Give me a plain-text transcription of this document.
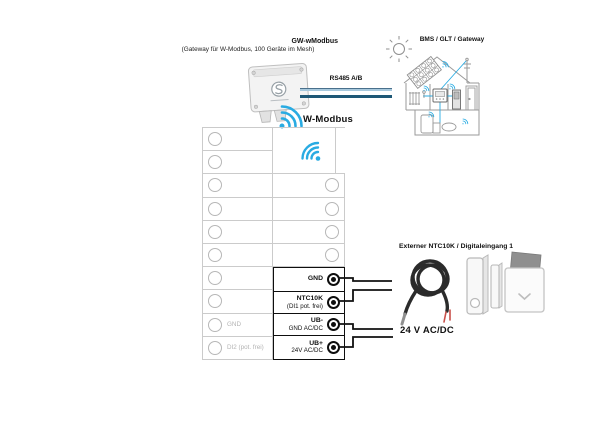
GW-wModbus
(Gateway für W-Modbus, 100 Geräte im Mesh)
RS485 A/B
BMS / GLT / Gateway
W-Modbus
GND
DI2 (pot. frei)
GND
NTC10K
(DI1 pot. frei)
UB-
GND AC/DC
UB+
24V AC/DC
Externer NTC10K / Digitaleingang 1
24 V AC/DC
